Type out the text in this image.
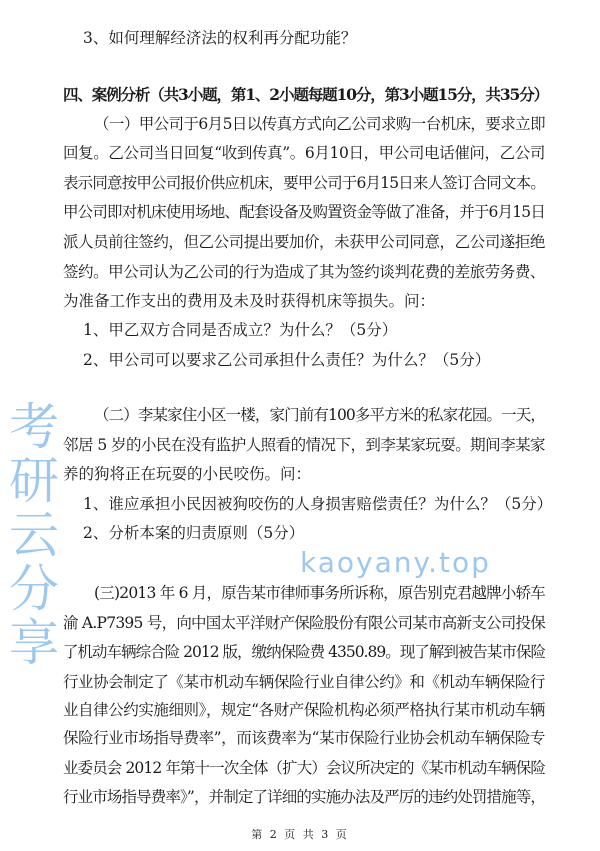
考研云分享	kaoyany.top
3、如何理解经济法的权利再分配功能？
四、案例分析（共3小题，第1、2小题每题10分，第3小题15分，共35分）
（一）甲公司于6月5日以传真方式向乙公司求购一台机床，要求立即
回复。乙公司当日回复“收到传真”。6月10日，甲公司电话催问，乙公司
表示同意按甲公司报价供应机床，要甲公司于6月15日来人签订合同文本。
甲公司即对机床使用场地、配套设备及购置资金等做了准备，并于6月15日
派人员前往签约，但乙公司提出要加价，未获甲公司同意，乙公司遂拒绝
签约。甲公司认为乙公司的行为造成了其为签约谈判花费的差旅劳务费、
为准备工作支出的费用及未及时获得机床等损失。问：
1、甲乙双方合同是否成立？为什么？（5分）
2、甲公司可以要求乙公司承担什么责任？为什么？（5分）
（二）李某家住小区一楼，家门前有100多平方米的私家花园。一天，
邻居 5 岁的小民在没有监护人照看的情况下，到李某家玩耍。期间李某家
养的狗将正在玩耍的小民咬伤。问：
1、谁应承担小民因被狗咬伤的人身损害赔偿责任？为什么？（5分）
2、分析本案的归责原则（5分）
(三)2013 年 6 月，原告某市律师事务所诉称，原告别克君越牌小轿车
渝 A.P7395 号，向中国太平洋财产保险股份有限公司某市高新支公司投保
了机动车辆综合险 2012 版，缴纳保险费 4350.89。现了解到被告某市保险
行业协会制定了《某市机动车辆保险行业自律公约》和《机动车辆保险行
业自律公约实施细则》，规定“各财产保险机构必须严格执行某市机动车辆
保险行业市场指导费率”，而该费率为“某市保险行业协会机动车辆保险专
业委员会 2012 年第十一次全体（扩大）会议所决定的《某市机动车辆保险
行业市场指导费率》”，并制定了详细的实施办法及严厉的违约处罚措施等，
第 2 页 共 3 页
